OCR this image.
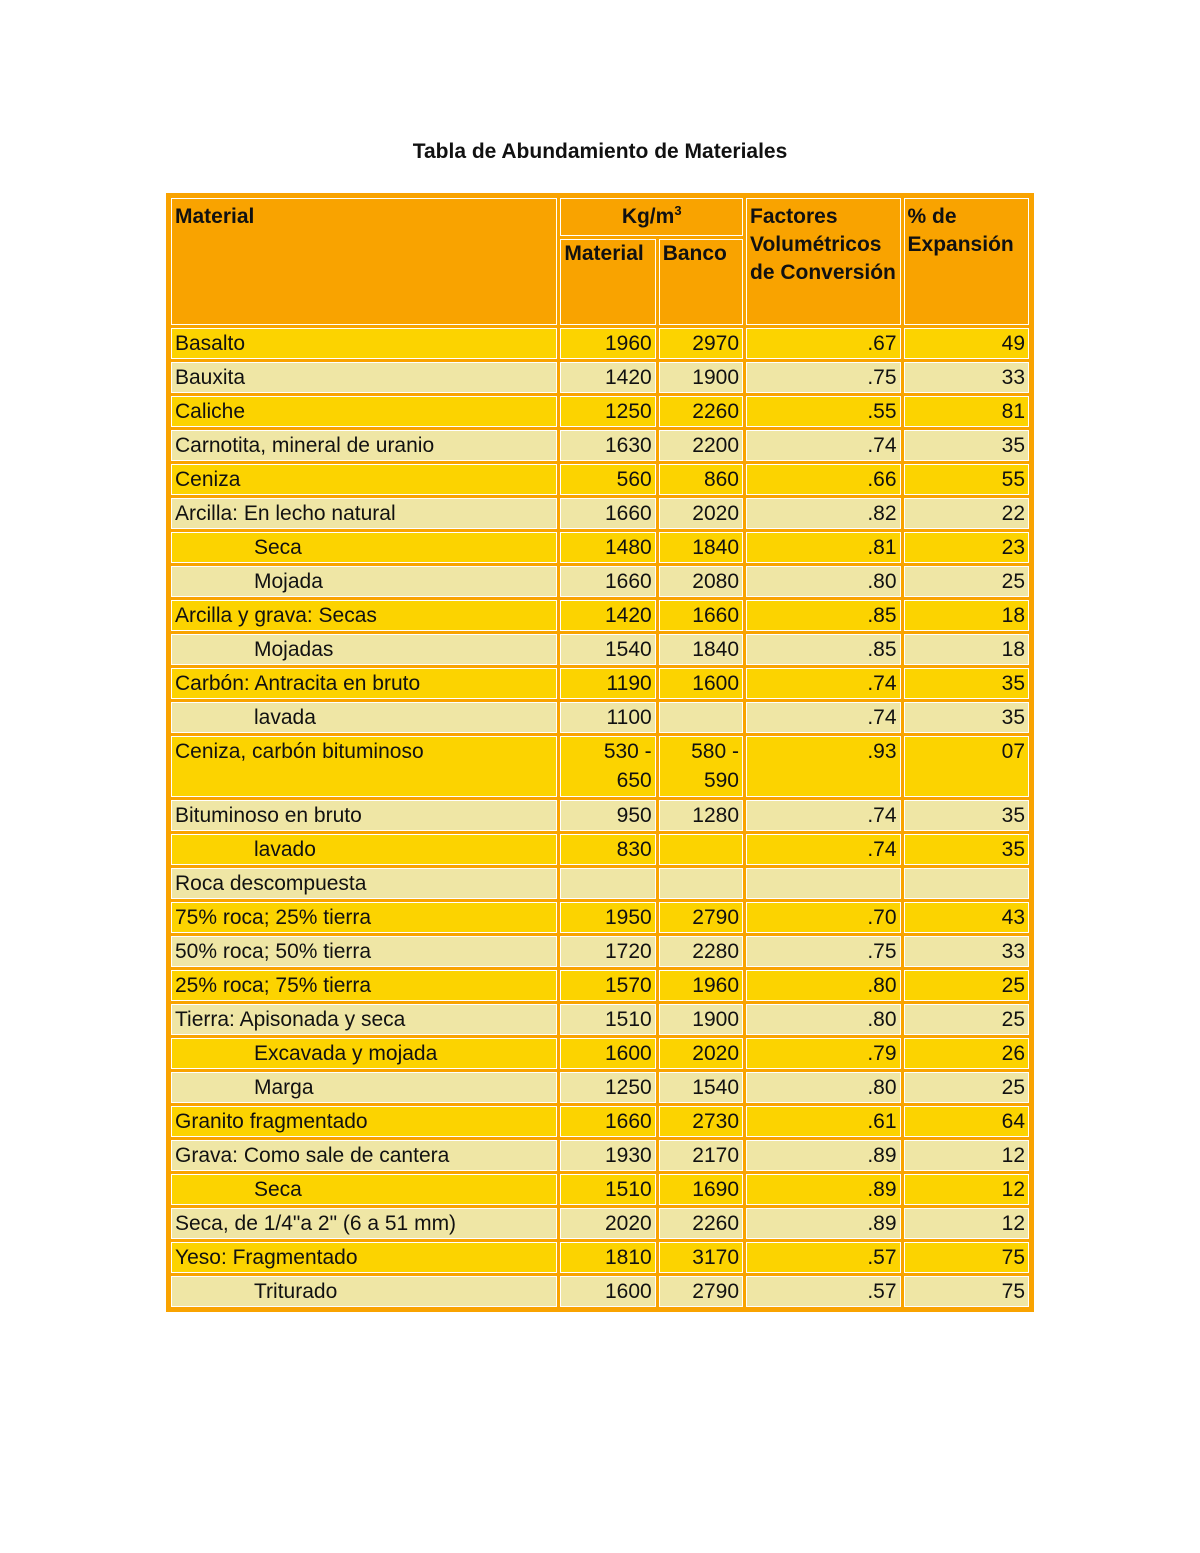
Tabla de Abundamiento de Materiales
Material	$Kg/m^3$		Factores Volumétricos de Conversión	% de Expansión
	Material	Banco		
Basalto	1960	2970	.67	49
Bauxita	1420	1900	.75	33
Caliche	1250	2260	.55	81
Carnotita, mineral de uranio	1630	2200	.74	35
Ceniza	560	860	.66	55
Arcilla: En lecho natural	1660	2020	.82	22
Seca	1480	1840	.81	23
Mojada	1660	2080	.80	25
Arcilla y grava: Secas	1420	1660	.85	18
Mojadas	1540	1840	.85	18
Carbón: Antracita en bruto	1190	1600	.74	35
lavada	1100		.74	35
Ceniza, carbón bituminoso	530 - 650	580 - 590	.93	07
Bituminoso en bruto	950	1280	.74	35
lavado	830		.74	35
Roca descompuesta				
75% roca; 25% tierra	1950	2790	.70	43
50% roca; 50% tierra	1720	2280	.75	33
25% roca; 75% tierra	1570	1960	.80	25
Tierra: Apisonada y seca	1510	1900	.80	25
Excavada y mojada	1600	2020	.79	26
Marga	1250	1540	.80	25
Granito fragmentado	1660	2730	.61	64
Grava: Como sale de cantera	1930	2170	.89	12
Seca	1510	1690	.89	12
Seca, de 1/4"a 2" (6 a 51 mm)	2020	2260	.89	12
Yeso: Fragmentado	1810	3170	.57	75
Triturado	1600	2790	.57	75
